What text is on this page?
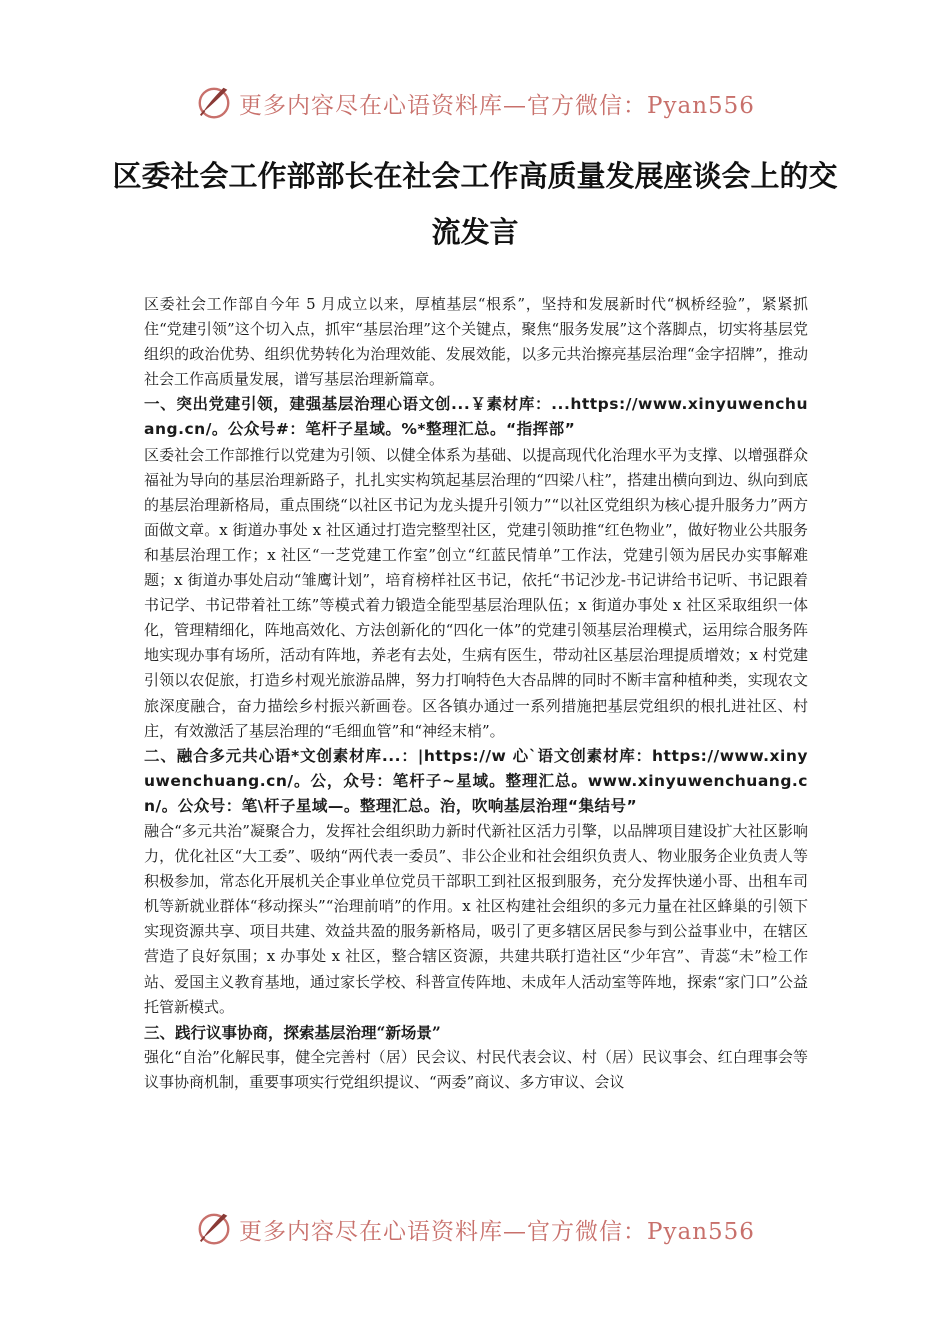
更多内容尽在心语资料库—官方微信：Pyan556
区委社会工作部部长在社会工作高质量发展座谈会上的交流发言

区委社会工作部自今年 5 月成立以来，厚植基层“根系”，坚持和发展新时代“枫桥经验”，紧紧抓住“党建引领”这个切入点，抓牢“基层治理”这个关键点，聚焦“服务发展”这个落脚点，切实将基层党组织的政治优势、组织优势转化为治理效能、发展效能，以多元共治擦亮基层治理“金字招牌”，推动社会工作高质量发展，谱写基层治理新篇章。

一、突出党建引领，建强基层治理心语文创...￥素材库：...https://www.xinyuwenchuang.cn/。公众号#：笔杆子星域。%*整理汇总。“指挥部”

区委社会工作部推行以党建为引领、以健全体系为基础、以提高现代化治理水平为支撑、以增强群众福祉为导向的基层治理新路子，扎扎实实构筑起基层治理的“四梁八柱”，搭建出横向到边、纵向到底的基层治理新格局，重点围绕“以社区书记为龙头提升引领力”“以社区党组织为核心提升服务力”两方面做文章。x 街道办事处 x 社区通过打造完整型社区，党建引领助推“红色物业”，做好物业公共服务和基层治理工作；x 社区“一芝党建工作室”创立“红蓝民情单”工作法，党建引领为居民办实事解难题；x 街道办事处启动“雏鹰计划”，培育榜样社区书记，依托“书记沙龙-书记讲给书记听、书记跟着书记学、书记带着社工练”等模式着力锻造全能型基层治理队伍；x 街道办事处 x 社区采取组织一体化，管理精细化，阵地高效化、方法创新化的“四化一体”的党建引领基层治理模式，运用综合服务阵地实现办事有场所，活动有阵地，养老有去处，生病有医生，带动社区基层治理提质增效；x 村党建引领以农促旅，打造乡村观光旅游品牌，努力打响特色大杏品牌的同时不断丰富种植种类，实现农文旅深度融合，奋力描绘乡村振兴新画卷。区各镇办通过一系列措施把基层党组织的根扎进社区、村庄，有效激活了基层治理的“毛细血管”和“神经末梢”。

二、融合多元共心语*文创素材库...：|https://w 心`语文创素材库：https://www.xinyuwenchuang.cn/。公，众号：笔杆子~星域。整理汇总。www.xinyuwenchuang.cn/。公众号：笔\杆子星域—。整理汇总。治，吹响基层治理“集结号”

融合“多元共治”凝聚合力，发挥社会组织助力新时代新社区活力引擎，以品牌项目建设扩大社区影响力，优化社区“大工委”、吸纳“两代表一委员”、非公企业和社会组织负责人、物业服务企业负责人等积极参加，常态化开展机关企事业单位党员干部职工到社区报到服务，充分发挥快递小哥、出租车司机等新就业群体“移动探头”“治理前哨”的作用。x 社区构建社会组织的多元力量在社区蜂巢的引领下实现资源共享、项目共建、效益共盈的服务新格局，吸引了更多辖区居民参与到公益事业中，在辖区营造了良好氛围；x 办事处 x 社区，整合辖区资源，共建共联打造社区“少年宫”、青蕊“未”检工作站、爱国主义教育基地，通过家长学校、科普宣传阵地、未成年人活动室等阵地，探索“家门口”公益托管新模式。

三、践行议事协商，探索基层治理“新场景”

强化“自治”化解民事，健全完善村（居）民会议、村民代表会议、村（居）民议事会、红白理事会等议事协商机制，重要事项实行党组织提议、“两委”商议、多方审议、会议

更多内容尽在心语资料库—官方微信：Pyan556
